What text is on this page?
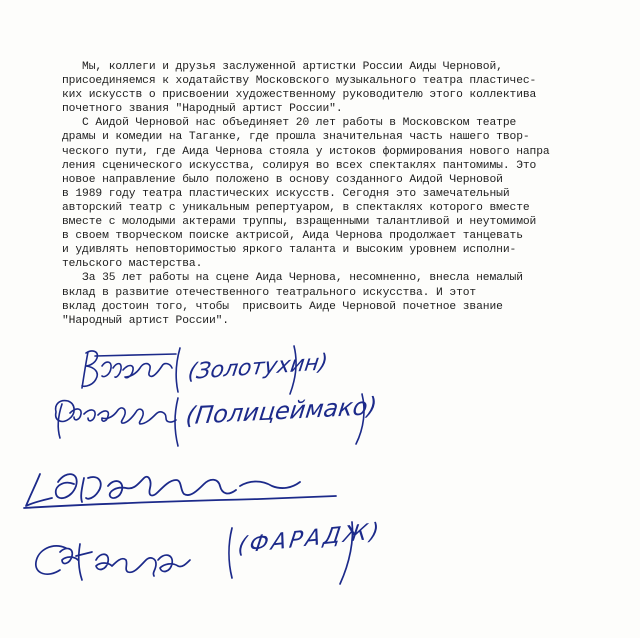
Мы, коллеги и друзья заслуженной артистки России Аиды Черновой,
присоединяемся к ходатайству Московского музыкального театра пластичес-
ких искусств о присвоении художественному руководителю этого коллектива
почетного звания "Народный артист России".

С Аидой Черновой нас объединяет 20 лет работы в Московском театре
драмы и комедии на Таганке, где прошла значительная часть нашего твор-
ческого пути, где Аида Чернова стояла у истоков формирования нового напра
ления сценического искусства, солируя во всех спектаклях пантомимы. Это
новое направление было положено в основу созданного Аидой Черновой
в 1989 году театра пластических искусств. Сегодня это замечательный
авторский театр с уникальным репертуаром, в спектаклях которого вместе
вместе с молодыми актерами труппы, взращенными талантливой и неутомимой
в своем творческом поиске актрисой, Аида Чернова продолжает танцевать
и удивлять неповторимостью яркого таланта и высоким уровнем исполни-
тельского мастерства.

За 35 лет работы на сцене Аида Чернова, несомненно, внесла немалый
вклад в развитие отечественного театрального искусства. И этот
вклад достоин того, чтобы  присвоить Аиде Черновой почетное звание
"Народный артист России".

(Золотухин)
(Полицеймако)
(ФАРАДЖ)
